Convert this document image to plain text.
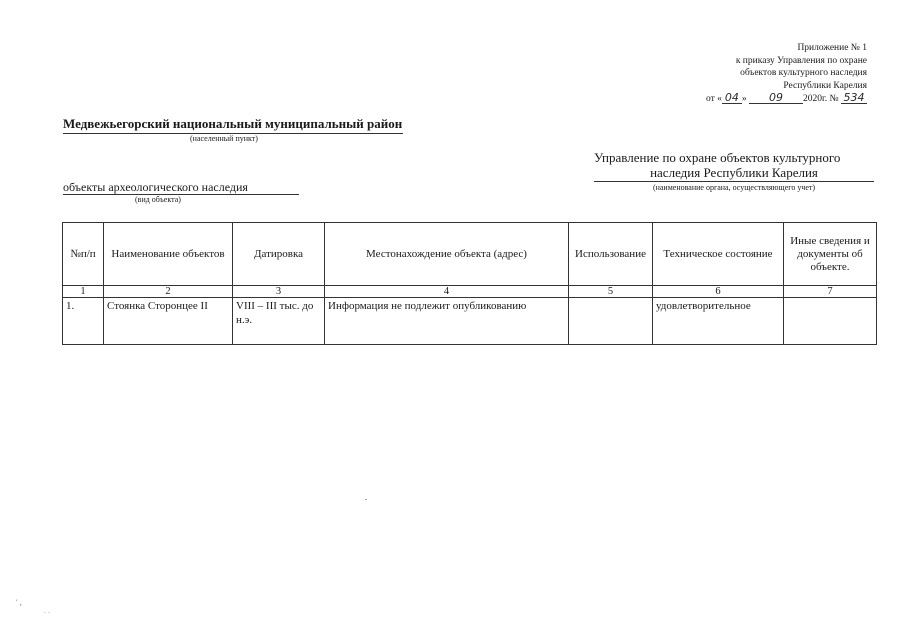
Приложение № 1
к приказу Управления по охране
объектов культурного наследия
Республики Карелия
от « 04 » 09 2020г. № 534
Медвежьегорский национальный муниципальный район
(населенный пункт)
объекты археологического наследия
(вид объекта)
Управление по охране объектов культурного
наследия Республики Карелия
(наименование органа, осуществляющего учет)
№п/п	Наименование объектов	Датировка	Местонахождение объекта (адрес)	Использование	Техническое состояние	Иные сведения и документы об объекте.
1	2	3	4	5	6	7
1.	Стоянка Сторонцее II	VIII – III тыс. до н.э.	Информация не подлежит опубликованию		удовлетворительное	
′ ,
. .
